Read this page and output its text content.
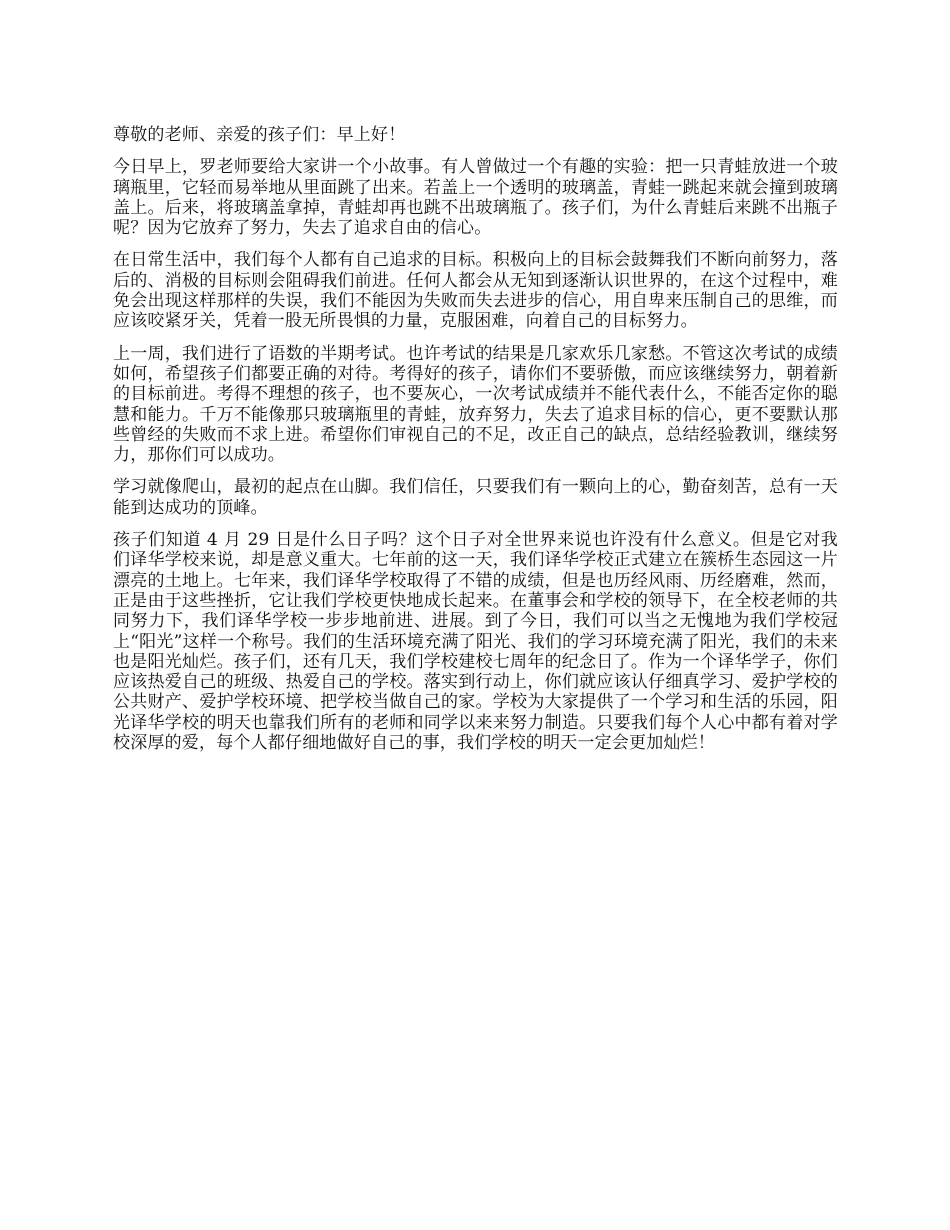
尊敬的老师、亲爱的孩子们：早上好！

今日早上，罗老师要给大家讲一个小故事。有人曾做过一个有趣的实验：把一只青蛙放进一个玻璃瓶里，它轻而易举地从里面跳了出来。若盖上一个透明的玻璃盖，青蛙一跳起来就会撞到玻璃盖上。后来，将玻璃盖拿掉，青蛙却再也跳不出玻璃瓶了。孩子们，为什么青蛙后来跳不出瓶子呢？因为它放弃了努力，失去了追求自由的信心。

在日常生活中，我们每个人都有自己追求的目标。积极向上的目标会鼓舞我们不断向前努力，落后的、消极的目标则会阻碍我们前进。任何人都会从无知到逐渐认识世界的，在这个过程中，难免会出现这样那样的失误，我们不能因为失败而失去进步的信心，用自卑来压制自己的思维，而应该咬紧牙关，凭着一股无所畏惧的力量，克服困难，向着自己的目标努力。

上一周，我们进行了语数的半期考试。也许考试的结果是几家欢乐几家愁。不管这次考试的成绩如何，希望孩子们都要正确的对待。考得好的孩子，请你们不要骄傲，而应该继续努力，朝着新的目标前进。考得不理想的孩子，也不要灰心，一次考试成绩并不能代表什么，不能否定你的聪慧和能力。千万不能像那只玻璃瓶里的青蛙，放弃努力，失去了追求目标的信心，更不要默认那些曾经的失败而不求上进。希望你们审视自己的不足，改正自己的缺点，总结经验教训，继续努力，那你们可以成功。

学习就像爬山，最初的起点在山脚。我们信任，只要我们有一颗向上的心，勤奋刻苦，总有一天能到达成功的顶峰。

孩子们知道 4 月 29 日是什么日子吗？这个日子对全世界来说也许没有什么意义。但是它对我们译华学校来说，却是意义重大。七年前的这一天，我们译华学校正式建立在簇桥生态园这一片漂亮的土地上。七年来，我们译华学校取得了不错的成绩，但是也历经风雨、历经磨难，然而，正是由于这些挫折，它让我们学校更快地成长起来。在董事会和学校的领导下，在全校老师的共同努力下，我们译华学校一步步地前进、进展。到了今日，我们可以当之无愧地为我们学校冠上“阳光”这样一个称号。我们的生活环境充满了阳光、我们的学习环境充满了阳光，我们的未来也是阳光灿烂。孩子们，还有几天，我们学校建校七周年的纪念日了。作为一个译华学子，你们应该热爱自己的班级、热爱自己的学校。落实到行动上，你们就应该认仔细真学习、爱护学校的公共财产、爱护学校环境、把学校当做自己的家。学校为大家提供了一个学习和生活的乐园，阳光译华学校的明天也靠我们所有的老师和同学以来来努力制造。只要我们每个人心中都有着对学校深厚的爱，每个人都仔细地做好自己的事，我们学校的明天一定会更加灿烂！
